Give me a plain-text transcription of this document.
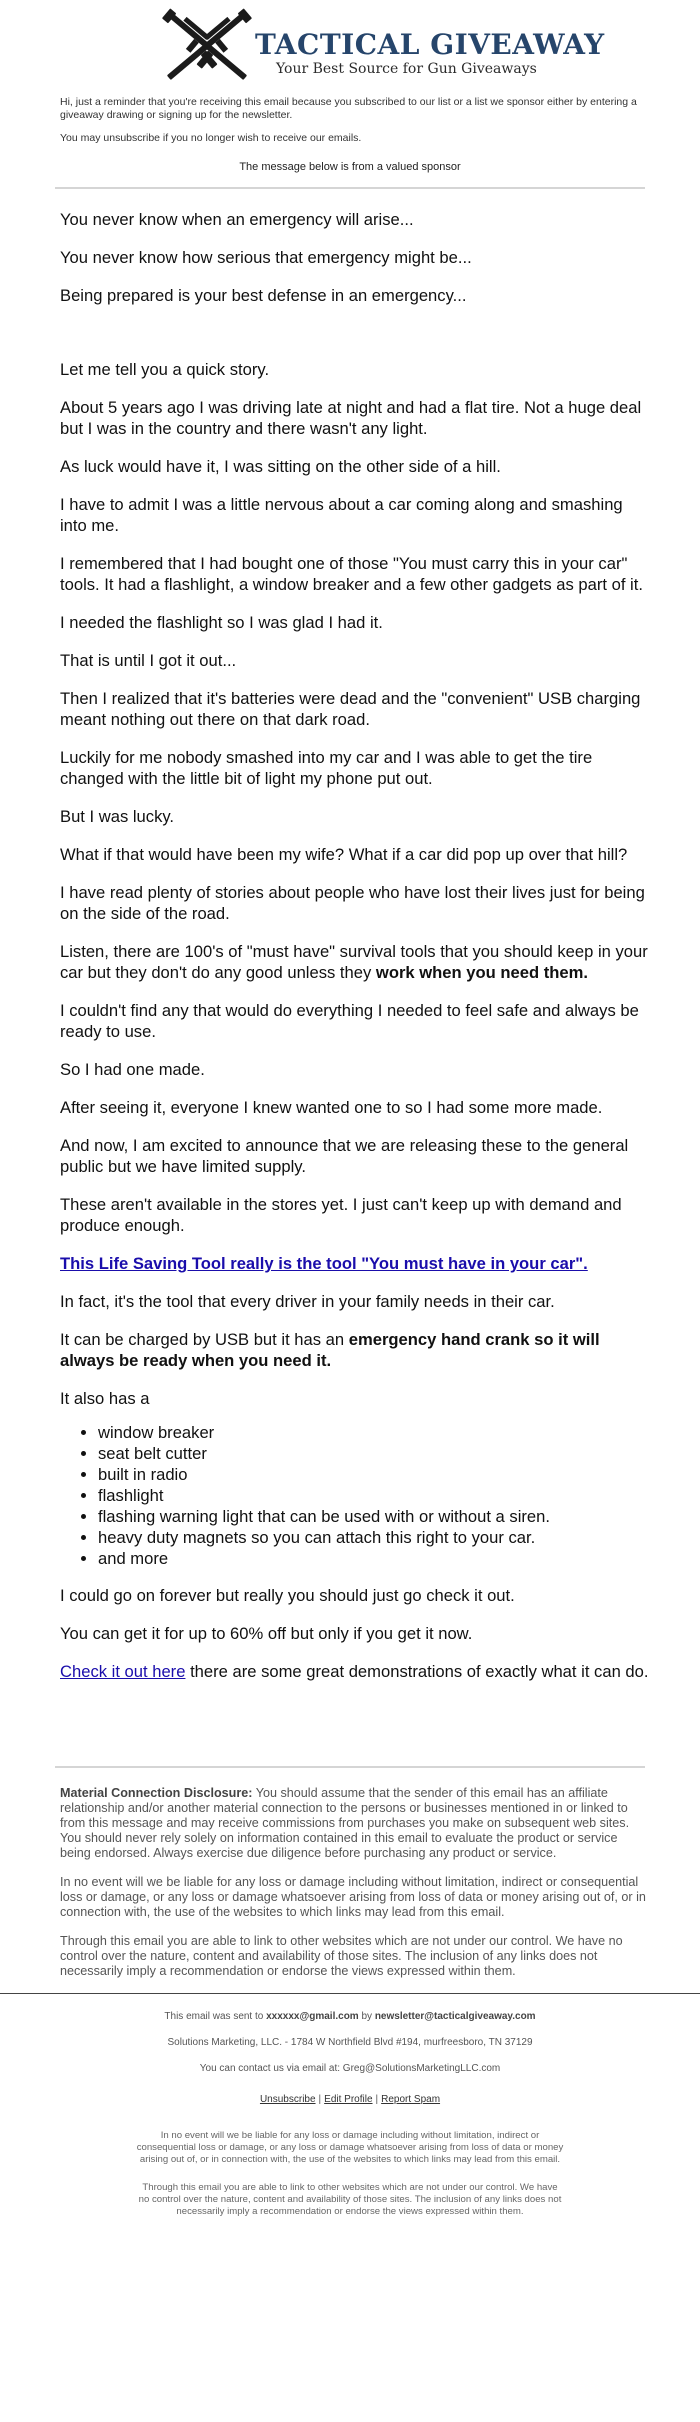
TACTICAL GIVEAWAY
Your Best Source for Gun Giveaways

Hi, just a reminder that you're receiving this email because you subscribed to our list or a list we sponsor either by entering a giveaway drawing or signing up for the newsletter.

You may unsubscribe if you no longer wish to receive our emails.

The message below is from a valued sponsor

You never know when an emergency will arise...

You never know how serious that emergency might be...

Being prepared is your best defense in an emergency...

Let me tell you a quick story.

About 5 years ago I was driving late at night and had a flat tire. Not a huge deal but I was in the country and there wasn't any light.

As luck would have it, I was sitting on the other side of a hill.

I have to admit I was a little nervous about a car coming along and smashing into me.

I remembered that I had bought one of those "You must carry this in your car" tools. It had a flashlight, a window breaker and a few other gadgets as part of it.

I needed the flashlight so I was glad I had it.

That is until I got it out...

Then I realized that it's batteries were dead and the "convenient" USB charging meant nothing out there on that dark road.

Luckily for me nobody smashed into my car and I was able to get the tire changed with the little bit of light my phone put out.

But I was lucky.

What if that would have been my wife? What if a car did pop up over that hill?

I have read plenty of stories about people who have lost their lives just for being on the side of the road.

Listen, there are 100's of "must have" survival tools that you should keep in your car but they don't do any good unless they work when you need them.

I couldn't find any that would do everything I needed to feel safe and always be ready to use.

So I had one made.

After seeing it, everyone I knew wanted one to so I had some more made.

And now, I am excited to announce that we are releasing these to the general public but we have limited supply.

These aren't available in the stores yet. I just can't keep up with demand and produce enough.

This Life Saving Tool really is the tool "You must have in your car".

In fact, it's the tool that every driver in your family needs in their car.

It can be charged by USB but it has an emergency hand crank so it will always be ready when you need it.

It also has a

• window breaker
• seat belt cutter
• built in radio
• flashlight
• flashing warning light that can be used with or without a siren.
• heavy duty magnets so you can attach this right to your car.
• and more

I could go on forever but really you should just go check it out.

You can get it for up to 60% off but only if you get it now.

Check it out here there are some great demonstrations of exactly what it can do.

Material Connection Disclosure: You should assume that the sender of this email has an affiliate relationship and/or another material connection to the persons or businesses mentioned in or linked to from this message and may receive commissions from purchases you make on subsequent web sites. You should never rely solely on information contained in this email to evaluate the product or service being endorsed. Always exercise due diligence before purchasing any product or service.

In no event will we be liable for any loss or damage including without limitation, indirect or consequential loss or damage, or any loss or damage whatsoever arising from loss of data or money arising out of, or in connection with, the use of the websites to which links may lead from this email.

Through this email you are able to link to other websites which are not under our control. We have no control over the nature, content and availability of those sites. The inclusion of any links does not necessarily imply a recommendation or endorse the views expressed within them.

This email was sent to xxxxxx@gmail.com by newsletter@tacticalgiveaway.com

Solutions Marketing, LLC. - 1784 W Northfield Blvd #194, murfreesboro, TN 37129

You can contact us via email at: Greg@SolutionsMarketingLLC.com

Unsubscribe | Edit Profile | Report Spam

In no event will we be liable for any loss or damage including without limitation, indirect or consequential loss or damage, or any loss or damage whatsoever arising from loss of data or money arising out of, or in connection with, the use of the websites to which links may lead from this email.

Through this email you are able to link to other websites which are not under our control. We have no control over the nature, content and availability of those sites. The inclusion of any links does not necessarily imply a recommendation or endorse the views expressed within them.
